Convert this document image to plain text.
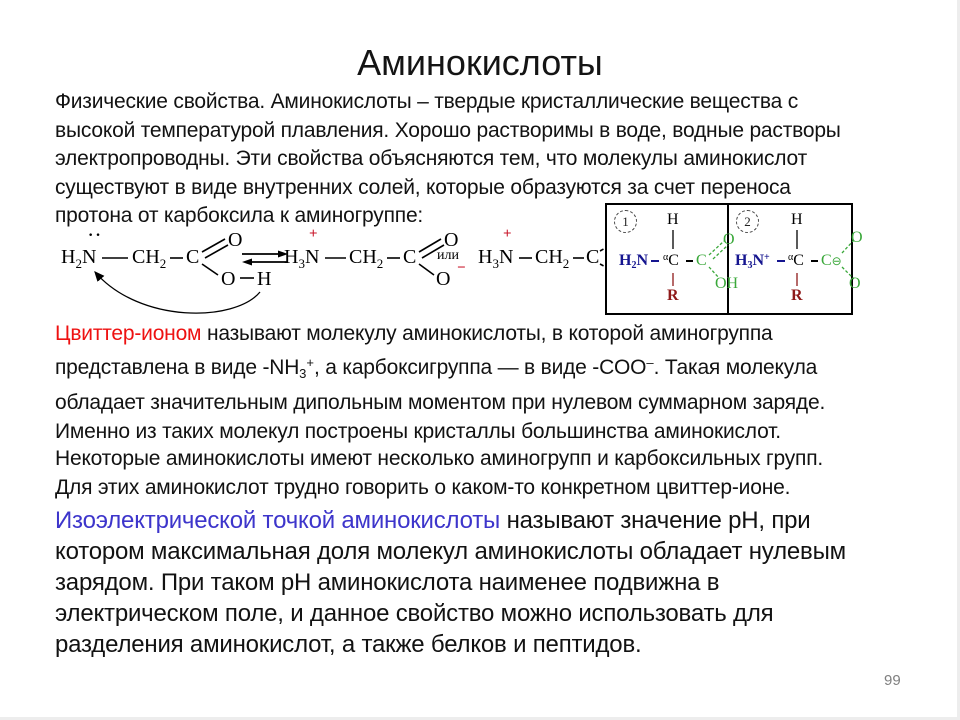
Аминокислоты
Физические свойства. Аминокислоты – твердые кристаллические вещества с
высокой температурой плавления. Хорошо растворимы в воде, водные растворы
электропроводны. Эти свойства объясняются тем, что молекулы аминокислот
существуют в виде внутренних солей, которые образуются за счет переноса
протона от карбоксила к аминогруппе:
$H_2N$
··
$CH_2$ C
O
O H
$H_3N$
+
$CH_2$ C
O
O −
или $H_3N$
+
$CH_2$ C
1	H
$H_2N$ $^\alpha$C C
O
OH
R
2	H
$H_3N^+$ $^\alpha$C C⊖
O
O
R
Цвиттер-ионом называют молекулу аминокислоты, в которой аминогруппа
представлена в виде $-NH_3^+$, а карбоксигруппа — в виде -COO–. Такая молекула
обладает значительным дипольным моментом при нулевом суммарном заряде.
Именно из таких молекул построены кристаллы большинства аминокислот.
Некоторые аминокислоты имеют несколько аминогрупп и карбоксильных групп.
Для этих аминокислот трудно говорить о каком-то конкретном цвиттер-ионе.
Изоэлектрической точкой аминокислоты называют значение pH, при
котором максимальная доля молекул аминокислоты обладает нулевым
зарядом. При таком pH аминокислота наименее подвижна в
электрическом поле, и данное свойство можно использовать для
разделения аминокислот, а также белков и пептидов.
99
